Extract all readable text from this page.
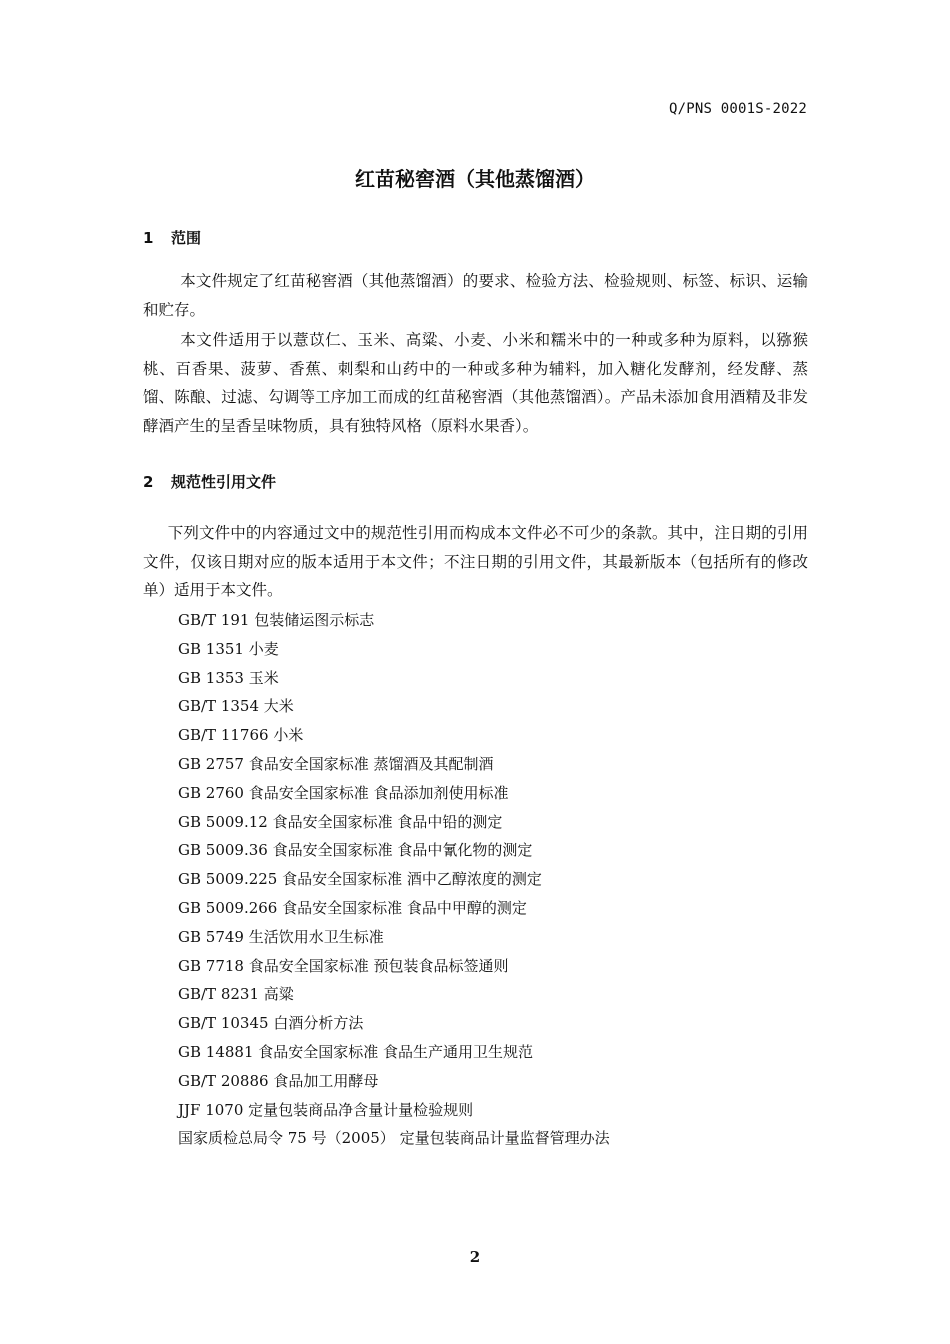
Q/PNS 0001S-2022
红苗秘窖酒（其他蒸馏酒）
1 范围
本文件规定了红苗秘窖酒（其他蒸馏酒）的要求、检验方法、检验规则、标签、标识、运输和贮存。
本文件适用于以薏苡仁、玉米、高粱、小麦、小米和糯米中的一种或多种为原料，以猕猴桃、百香果、菠萝、香蕉、刺梨和山药中的一种或多种为辅料，加入糖化发酵剂，经发酵、蒸馏、陈酿、过滤、勾调等工序加工而成的红苗秘窖酒（其他蒸馏酒）。产品未添加食用酒精及非发酵酒产生的呈香呈味物质，具有独特风格（原料水果香）。
2 规范性引用文件
下列文件中的内容通过文中的规范性引用而构成本文件必不可少的条款。其中，注日期的引用文件，仅该日期对应的版本适用于本文件；不注日期的引用文件，其最新版本（包括所有的修改单）适用于本文件。
GB/T 191 包装储运图示标志
GB 1351 小麦
GB 1353 玉米
GB/T 1354 大米
GB/T 11766 小米
GB 2757 食品安全国家标准 蒸馏酒及其配制酒
GB 2760 食品安全国家标准 食品添加剂使用标准
GB 5009.12 食品安全国家标准 食品中铅的测定
GB 5009.36 食品安全国家标准 食品中氰化物的测定
GB 5009.225 食品安全国家标准 酒中乙醇浓度的测定
GB 5009.266 食品安全国家标准 食品中甲醇的测定
GB 5749 生活饮用水卫生标准
GB 7718 食品安全国家标准 预包装食品标签通则
GB/T 8231 高粱
GB/T 10345 白酒分析方法
GB 14881 食品安全国家标准 食品生产通用卫生规范
GB/T 20886 食品加工用酵母
JJF 1070 定量包装商品净含量计量检验规则
国家质检总局令 75 号（2005） 定量包装商品计量监督管理办法
2
